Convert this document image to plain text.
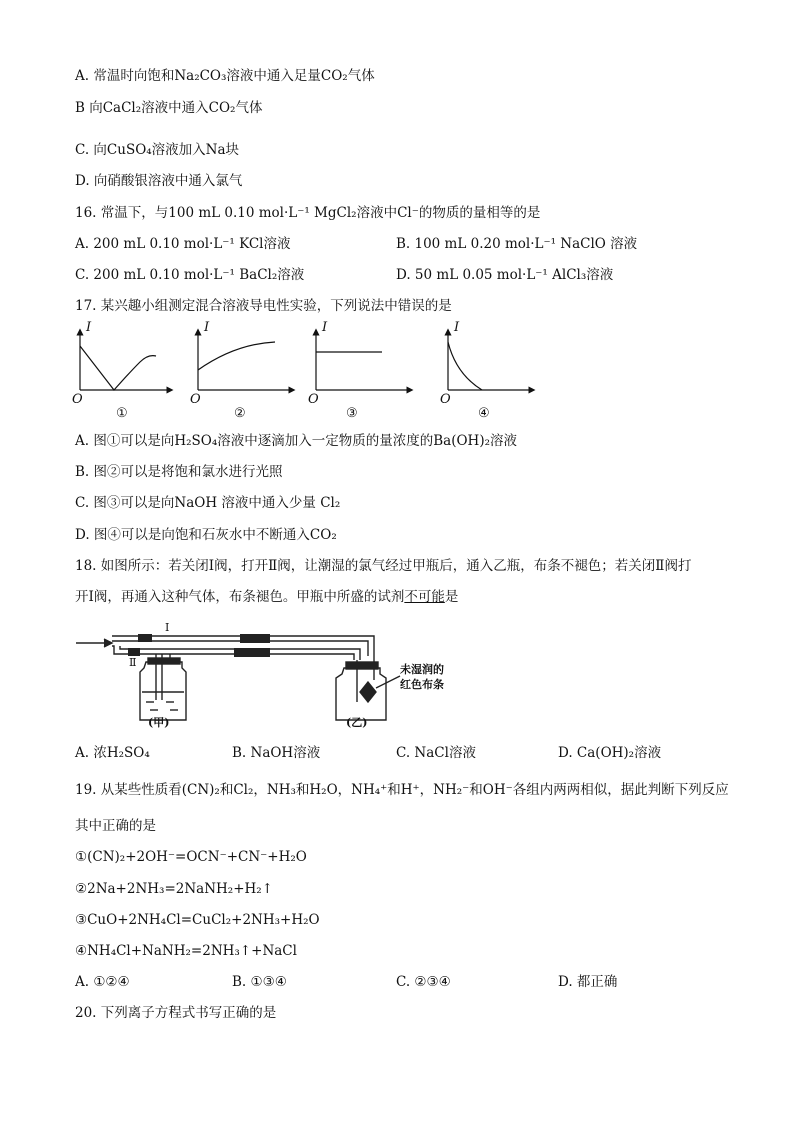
A. 常温时向饱和Na₂CO₃溶液中通入足量CO₂气体
B 向CaCl₂溶液中通入CO₂气体
C. 向CuSO₄溶液加入Na块
D. 向硝酸银溶液中通入氯气
16. 常温下，与100 mL 0.10 mol·L⁻¹ MgCl₂溶液中Cl⁻的物质的量相等的是
A. 200 mL 0.10 mol·L⁻¹ KCl溶液	B. 100 mL 0.20 mol·L⁻¹ NaClO 溶液
C. 200 mL 0.10 mol·L⁻¹ BaCl₂溶液	D. 50 mL 0.05 mol·L⁻¹ AlCl₃溶液
17. 某兴趣小组测定混合溶液导电性实验，下列说法中错误的是
I
O
I
O
I
O
I
O
①	②	③	④
A. 图①可以是向H₂SO₄溶液中逐滴加入一定物质的量浓度的Ba(OH)₂溶液
B. 图②可以是将饱和氯水进行光照
C. 图③可以是向NaOH 溶液中通入少量 Cl₂
D. 图④可以是向饱和石灰水中不断通入CO₂
18. 如图所示：若关闭Ⅰ阀，打开Ⅱ阀，让潮湿的氯气经过甲瓶后，通入乙瓶，布条不褪色；若关闭Ⅱ阀打
开Ⅰ阀，再通入这种气体，布条褪色。甲瓶中所盛的试剂不可能是
I
Ⅱ
(甲)	(乙)
未湿润的
红色布条
A. 浓H₂SO₄	B. NaOH溶液	C. NaCl溶液	D. Ca(OH)₂溶液
19. 从某些性质看(CN)₂和Cl₂，NH₃和H₂O，NH₄⁺和H⁺，NH₂⁻和OH⁻各组内两两相似，据此判断下列反应
其中正确的是
①(CN)₂+2OH⁻=OCN⁻+CN⁻+H₂O
②2Na+2NH₃=2NaNH₂+H₂↑
③CuO+2NH₄Cl=CuCl₂+2NH₃+H₂O
④NH₄Cl+NaNH₂=2NH₃↑+NaCl
A. ①②④	B. ①③④	C. ②③④	D. 都正确
20. 下列离子方程式书写正确的是
